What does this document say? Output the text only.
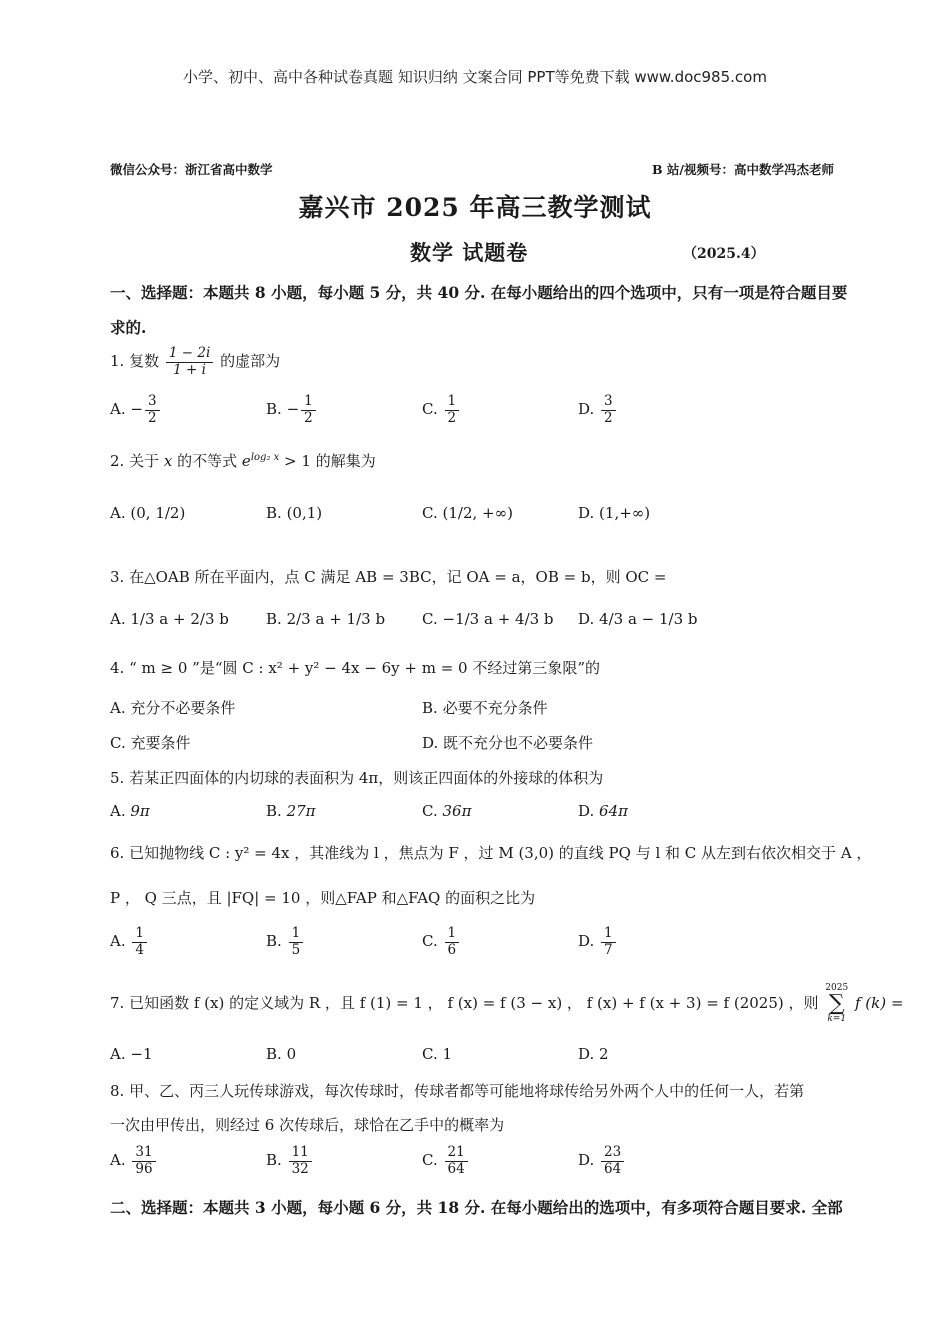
小学、初中、高中各种试卷真题 知识归纳 文案合同 PPT等免费下载 www.doc985.com
微信公众号：浙江省高中数学	B 站/视频号：高中数学冯杰老师
嘉兴市 2025 年高三教学测试
数学 试题卷	（2025.4）
一、选择题：本题共 8 小题，每小题 5 分，共 40 分. 在每小题给出的四个选项中，只有一项是符合题目要
求的.
1. 复数 $\frac{1 - 2i}{1 + i}$ 的虚部为
A. − $\frac{3}{2}$	B. − $\frac{1}{2}$	C. $\frac{1}{2}$	D. $\frac{3}{2}$
2. 关于 x 的不等式 $e^{log_2 x} > 1$ 的解集为
A. (0, 1/2)	B. (0,1)	C. (1/2, +∞)	D. (1,+∞)
3. 在△OAB 所在平面内，点 C 满足 AB = 3BC，记 OA = a，OB = b，则 OC =
A. 1/3 a + 2/3 b B. 2/3 a + 1/3 b C. −1/3 a + 4/3 b D. 4/3 a − 1/3 b
4. “ m ≥ 0 ”是“圆 C : x² + y² − 4x − 6y + m = 0 不经过第三象限”的
A. 充分不必要条件	B. 必要不充分条件
C. 充要条件	D. 既不充分也不必要条件
5. 若某正四面体的内切球的表面积为 4π，则该正四面体的外接球的体积为
A. 9π	B. 27π	C. 36π	D. 64π
6. 已知抛物线 C : y² = 4x ，其准线为 l ，焦点为 F ，过 M (3,0) 的直线 PQ 与 l 和 C 从左到右依次相交于 A ，
P ， Q 三点，且 |FQ| = 10 ，则△FAP 和△FAQ 的面积之比为
A. $\frac{1}{4}$	B. $\frac{1}{5}$	C. $\frac{1}{6}$	D. $\frac{1}{7}$
7. 已知函数 f (x) 的定义域为 R ，且 f (1) = 1 ， f (x) = f (3 − x) ， f (x) + f (x + 3) = f (2025) ，则
2025
∑
k=1
f (k) =
A. −1	B. 0	C. 1	D. 2
8. 甲、乙、丙三人玩传球游戏，每次传球时，传球者都等可能地将球传给另外两个人中的任何一人，若第
一次由甲传出，则经过 6 次传球后，球恰在乙手中的概率为
A. $\frac{31}{96}$	B. $\frac{11}{32}$	C. $\frac{21}{64}$	D. $\frac{23}{64}$
二、选择题：本题共 3 小题，每小题 6 分，共 18 分. 在每小题给出的选项中，有多项符合题目要求. 全部
